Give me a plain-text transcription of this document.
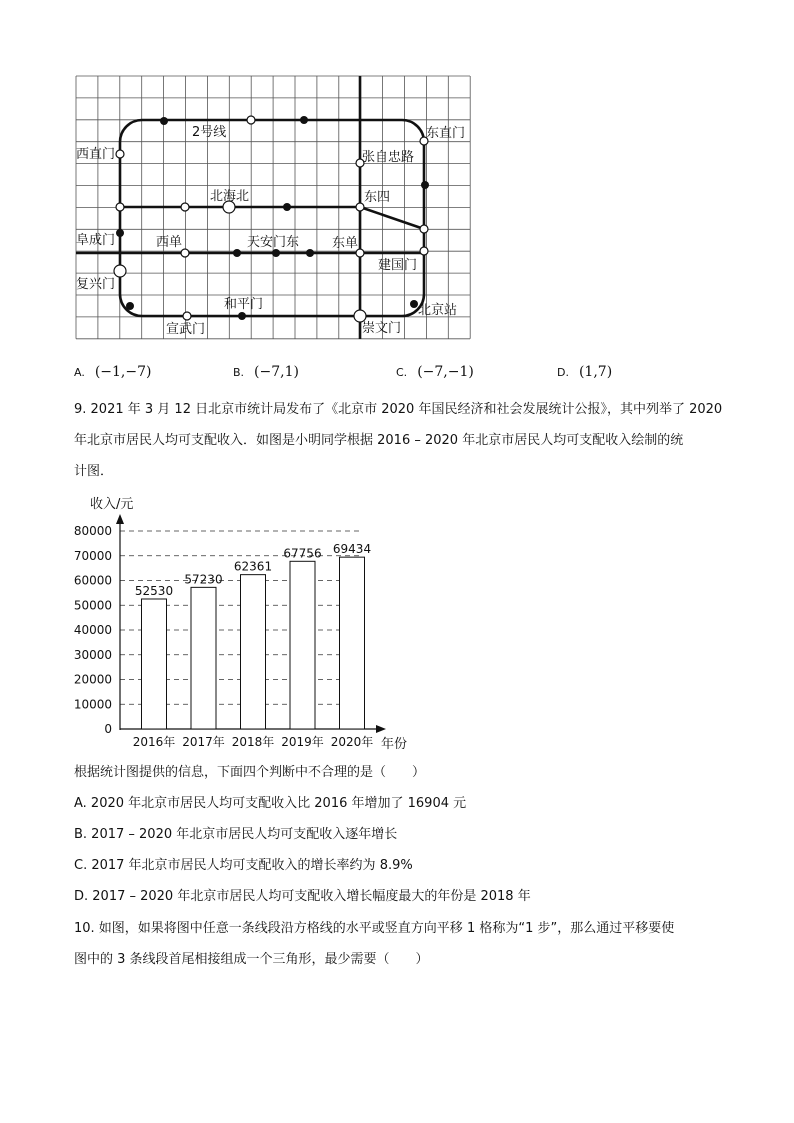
2号线	东直门
西直门	张自忠路
北海北	东四
阜成门	西单	天安门东	东单
建国门
复兴门
和平门	北京站
宣武门	崇文门
A. (−1,−7)	B. (−7,1)	C. (−7,−1)	D. (1,7)
9. 2021 年 3 月 12 日北京市统计局发布了《北京市 2020 年国民经济和社会发展统计公报》，其中列举了 2020
年北京市居民人均可支配收入．如图是小明同学根据 2016 – 2020 年北京市居民人均可支配收入绘制的统
计图．
0
10000
20000
30000
40000
50000
60000
70000
80000
收入/元
年份
52530
2016年
57230
2017年
62361
2018年
67756
2019年
69434
2020年
根据统计图提供的信息，下面四个判断中不合理的是（　　）
A. 2020 年北京市居民人均可支配收入比 2016 年增加了 16904 元
B. 2017 – 2020 年北京市居民人均可支配收入逐年增长
C. 2017 年北京市居民人均可支配收入的增长率约为 8.9%
D. 2017 – 2020 年北京市居民人均可支配收入增长幅度最大的年份是 2018 年
10. 如图，如果将图中任意一条线段沿方格线的水平或竖直方向平移 1 格称为“1 步”，那么通过平移要使
图中的 3 条线段首尾相接组成一个三角形，最少需要（　　）
